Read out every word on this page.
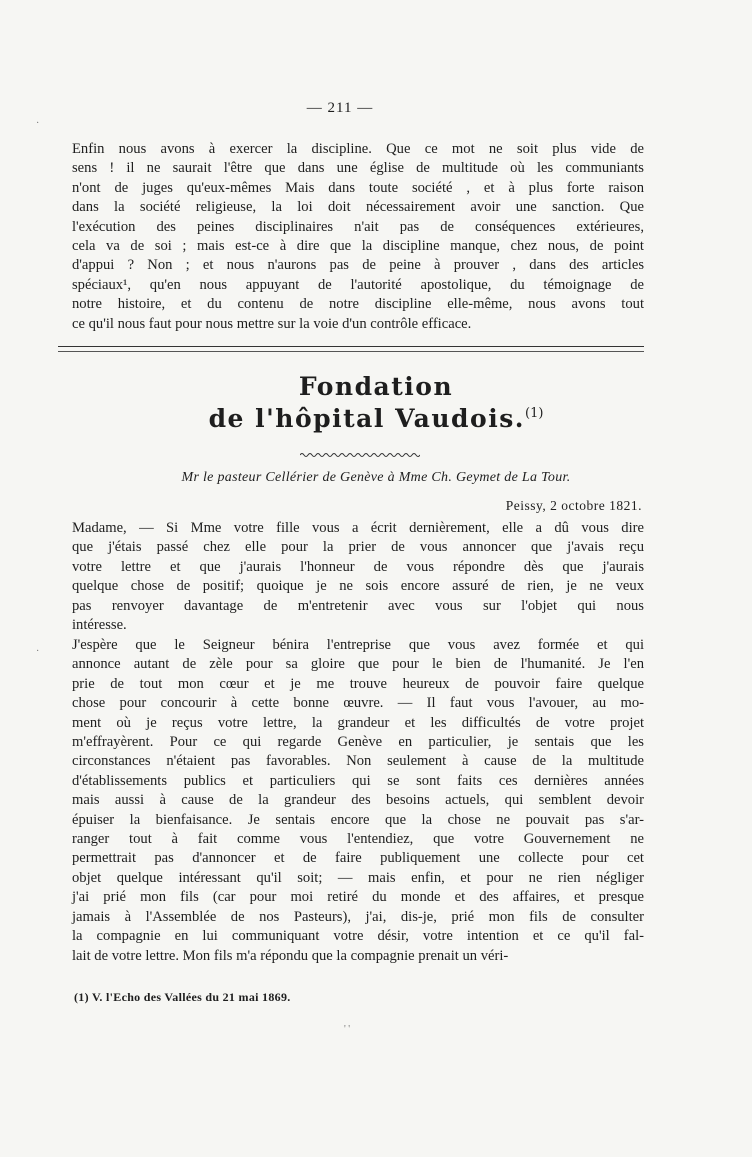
— 211 —
Enfin nous avons à exercer la discipline. Que ce mot ne soit plus vide de
sens ! il ne saurait l'être que dans une église de multitude où les communiants
n'ont de juges qu'eux-mêmes Mais dans toute société , et à plus forte raison
dans la société religieuse, la loi doit nécessairement avoir une sanction. Que
l'exécution des peines disciplinaires n'ait pas de conséquences extérieures,
cela va de soi ; mais est-ce à dire que la discipline manque, chez nous, de point
d'appui ? Non ; et nous n'aurons pas de peine à prouver , dans des articles
spéciaux¹, qu'en nous appuyant de l'autorité apostolique, du témoignage de
notre histoire, et du contenu de notre discipline elle-même, nous avons tout
ce qu'il nous faut pour nous mettre sur la voie d'un contrôle efficace.
Fondation
de l'hôpital Vaudois.$^{(1)}$
Mr le pasteur Cellérier de Genève à Mme Ch. Geymet de La Tour.
Peissy, 2 octobre 1821.
Madame, — Si Mme votre fille vous a écrit dernièrement, elle a dû vous dire
que j'étais passé chez elle pour la prier de vous annoncer que j'avais reçu
votre lettre et que j'aurais l'honneur de vous répondre dès que j'aurais
quelque chose de positif; quoique je ne sois encore assuré de rien, je ne veux
pas renvoyer davantage de m'entretenir avec vous sur l'objet qui nous
intéresse.
J'espère que le Seigneur bénira l'entreprise que vous avez formée et qui
annonce autant de zèle pour sa gloire que pour le bien de l'humanité. Je l'en
prie de tout mon cœur et je me trouve heureux de pouvoir faire quelque
chose pour concourir à cette bonne œuvre. — Il faut vous l'avouer, au mo-
ment où je reçus votre lettre, la grandeur et les difficultés de votre projet
m'effrayèrent. Pour ce qui regarde Genève en particulier, je sentais que les
circonstances n'étaient pas favorables. Non seulement à cause de la multitude
d'établissements publics et particuliers qui se sont faits ces dernières années
mais aussi à cause de la grandeur des besoins actuels, qui semblent devoir
épuiser la bienfaisance. Je sentais encore que la chose ne pouvait pas s'ar-
ranger tout à fait comme vous l'entendiez, que votre Gouvernement ne
permettrait pas d'annoncer et de faire publiquement une collecte pour cet
objet quelque intéressant qu'il soit; — mais enfin, et pour ne rien négliger
j'ai prié mon fils (car pour moi retiré du monde et des affaires, et presque
jamais à l'Assemblée de nos Pasteurs), j'ai, dis-je, prié mon fils de consulter
la compagnie en lui communiquant votre désir, votre intention et ce qu'il fal-
lait de votre lettre. Mon fils m'a répondu que la compagnie prenait un véri-
(1) V. l'Echo des Vallées du 21 mai 1869.
·
·
' '
